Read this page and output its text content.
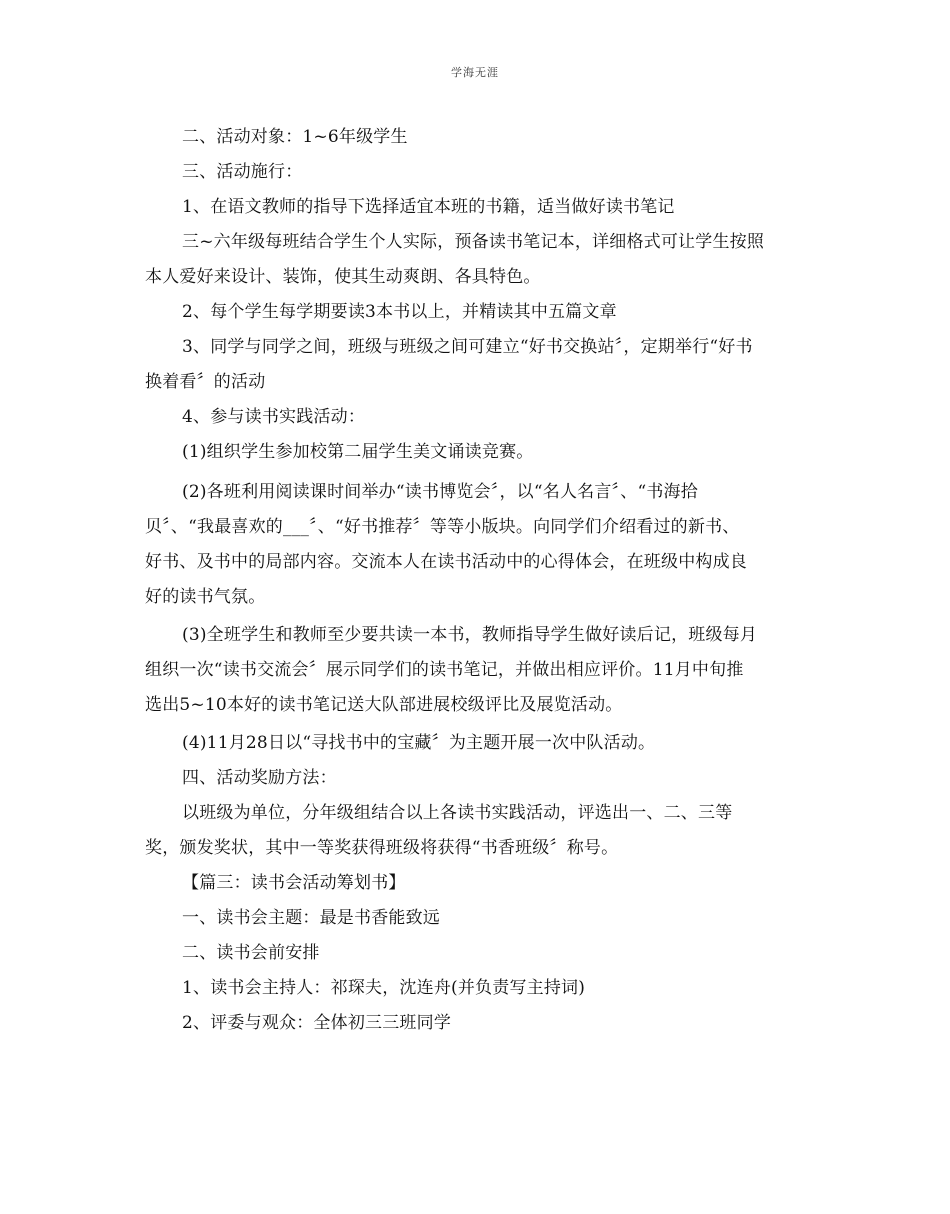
学海无涯
二、活动对象：1~6年级学生
三、活动施行：
1、在语文教师的指导下选择适宜本班的书籍，适当做好读书笔记
三~六年级每班结合学生个人实际，预备读书笔记本，详细格式可让学生按照
本人爱好来设计、装饰，使其生动爽朗、各具特色。
2、每个学生每学期要读3本书以上，并精读其中五篇文章
3、同学与同学之间，班级与班级之间可建立“好书交换站〞，定期举行“好书
换着看〞的活动
4、参与读书实践活动：
(1)组织学生参加校第二届学生美文诵读竞赛。
(2)各班利用阅读课时间举办“读书博览会〞，以“名人名言〞、“书海拾
贝〞、“我最喜欢的___〞、“好书推荐〞等等小版块。向同学们介绍看过的新书、
好书、及书中的局部内容。交流本人在读书活动中的心得体会，在班级中构成良
好的读书气氛。
(3)全班学生和教师至少要共读一本书，教师指导学生做好读后记，班级每月
组织一次“读书交流会〞展示同学们的读书笔记，并做出相应评价。11月中旬推
选出5~10本好的读书笔记送大队部进展校级评比及展览活动。
(4)11月28日以“寻找书中的宝藏〞为主题开展一次中队活动。
四、活动奖励方法：
以班级为单位，分年级组结合以上各读书实践活动，评选出一、二、三等
奖，颁发奖状，其中一等奖获得班级将获得“书香班级〞称号。
【篇三：读书会活动筹划书】
一、读书会主题：最是书香能致远
二、读书会前安排
1、读书会主持人：祁琛夫，沈连舟(并负责写主持词)
2、评委与观众：全体初三三班同学
